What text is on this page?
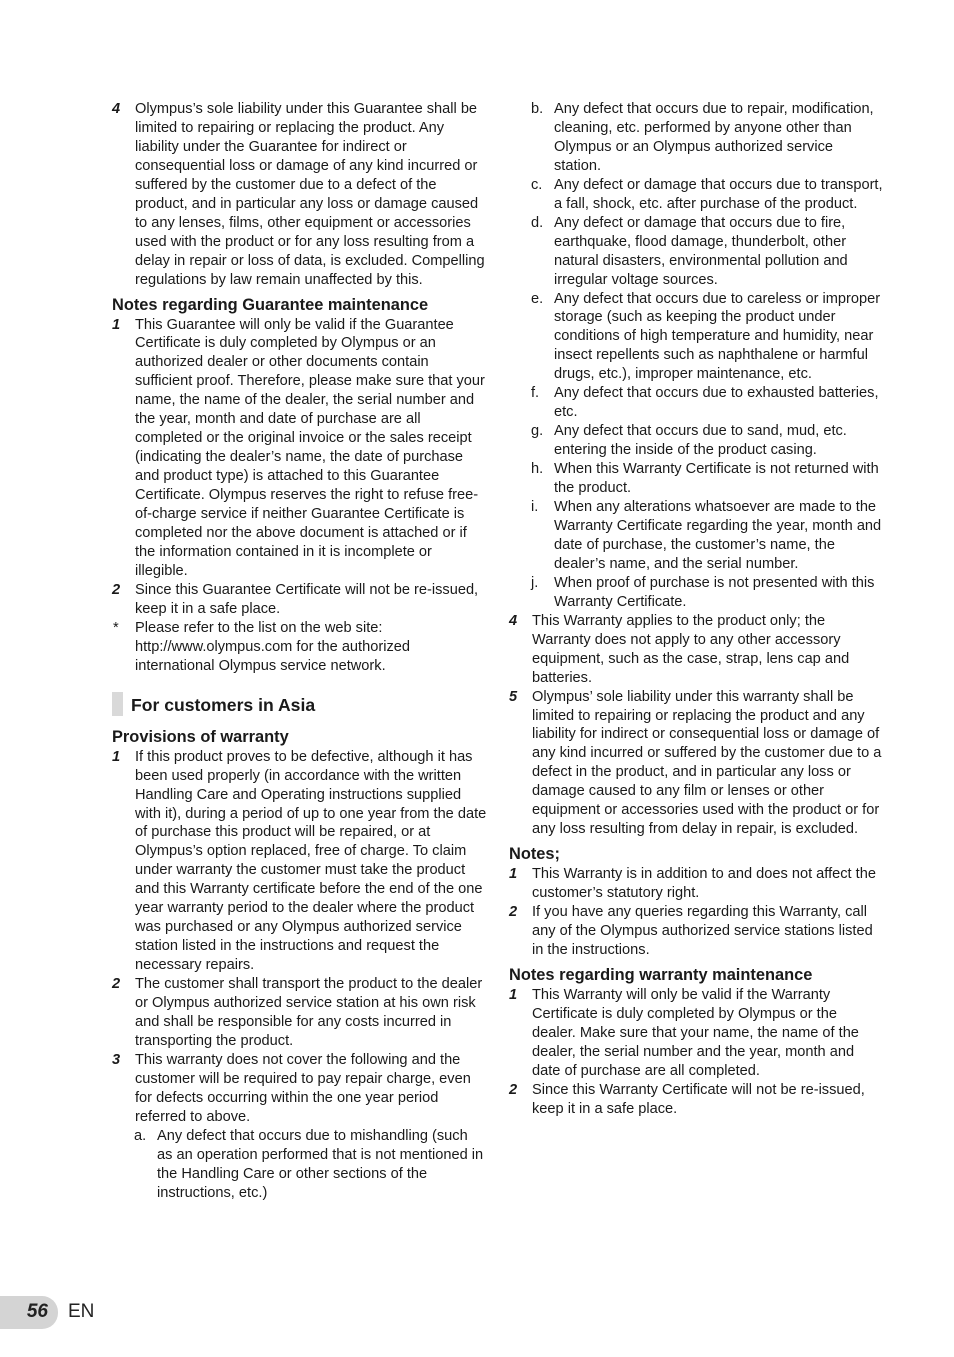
4 Olympus’s sole liability under this Guarantee shall be limited to repairing or replacing the product. Any liability under the Guarantee for indirect or consequential loss or damage of any kind incurred or suffered by the customer due to a defect of the product, and in particular any loss or damage caused to any lenses, films, other equipment or accessories used with the product or for any loss resulting from a delay in repair or loss of data, is excluded. Compelling regulations by law remain unaffected by this.
Notes regarding Guarantee maintenance
1 This Guarantee will only be valid if the Guarantee Certificate is duly completed by Olympus or an authorized dealer or other documents contain sufficient proof. Therefore, please make sure that your name, the name of the dealer, the serial number and the year, month and date of purchase are all completed or the original invoice or the sales receipt (indicating the dealer’s name, the date of purchase and product type) is attached to this Guarantee Certificate. Olympus reserves the right to refuse free-of-charge service if neither Guarantee Certificate is completed nor the above document is attached or if the information contained in it is incomplete or illegible.
2 Since this Guarantee Certificate will not be re-issued, keep it in a safe place.
* Please refer to the list on the web site: http://www.olympus.com for the authorized international Olympus service network.
For customers in Asia
Provisions of warranty
1 If this product proves to be defective, although it has been used properly (in accordance with the written Handling Care and Operating instructions supplied with it), during a period of up to one year from the date of purchase this product will be repaired, or at Olympus’s option replaced, free of charge. To claim under warranty the customer must take the product and this Warranty certificate before the end of the one year warranty period to the dealer where the product was purchased or any Olympus authorized service station listed in the instructions and request the necessary repairs.
2 The customer shall transport the product to the dealer or Olympus authorized service station at his own risk and shall be responsible for any costs incurred in transporting the product.
3 This warranty does not cover the following and the customer will be required to pay repair charge, even for defects occurring within the one year period referred to above.
a. Any defect that occurs due to mishandling (such as an operation performed that is not mentioned in the Handling Care or other sections of the instructions, etc.)
b. Any defect that occurs due to repair, modification, cleaning, etc. performed by anyone other than Olympus or an Olympus authorized service station.
c. Any defect or damage that occurs due to transport, a fall, shock, etc. after purchase of the product.
d. Any defect or damage that occurs due to fire, earthquake, flood damage, thunderbolt, other natural disasters, environmental pollution and irregular voltage sources.
e. Any defect that occurs due to careless or improper storage (such as keeping the product under conditions of high temperature and humidity, near insect repellents such as naphthalene or harmful drugs, etc.), improper maintenance, etc.
f. Any defect that occurs due to exhausted batteries, etc.
g. Any defect that occurs due to sand, mud, etc. entering the inside of the product casing.
h. When this Warranty Certificate is not returned with the product.
i. When any alterations whatsoever are made to the Warranty Certificate regarding the year, month and date of purchase, the customer’s name, the dealer’s name, and the serial number.
j. When proof of purchase is not presented with this Warranty Certificate.
4 This Warranty applies to the product only; the Warranty does not apply to any other accessory equipment, such as the case, strap, lens cap and batteries.
5 Olympus’ sole liability under this warranty shall be limited to repairing or replacing the product and any liability for indirect or consequential loss or damage of any kind incurred or suffered by the customer due to a defect in the product, and in particular any loss or damage caused to any film or lenses or other equipment or accessories used with the product or for any loss resulting from delay in repair, is excluded.
Notes;
1 This Warranty is in addition to and does not affect the customer’s statutory right.
2 If you have any queries regarding this Warranty, call any of the Olympus authorized service stations listed in the instructions.
Notes regarding warranty maintenance
1 This Warranty will only be valid if the Warranty Certificate is duly completed by Olympus or the dealer. Make sure that your name, the name of the dealer, the serial number and the year, month and date of purchase are all completed.
2 Since this Warranty Certificate will not be re-issued, keep it in a safe place.
56 EN
